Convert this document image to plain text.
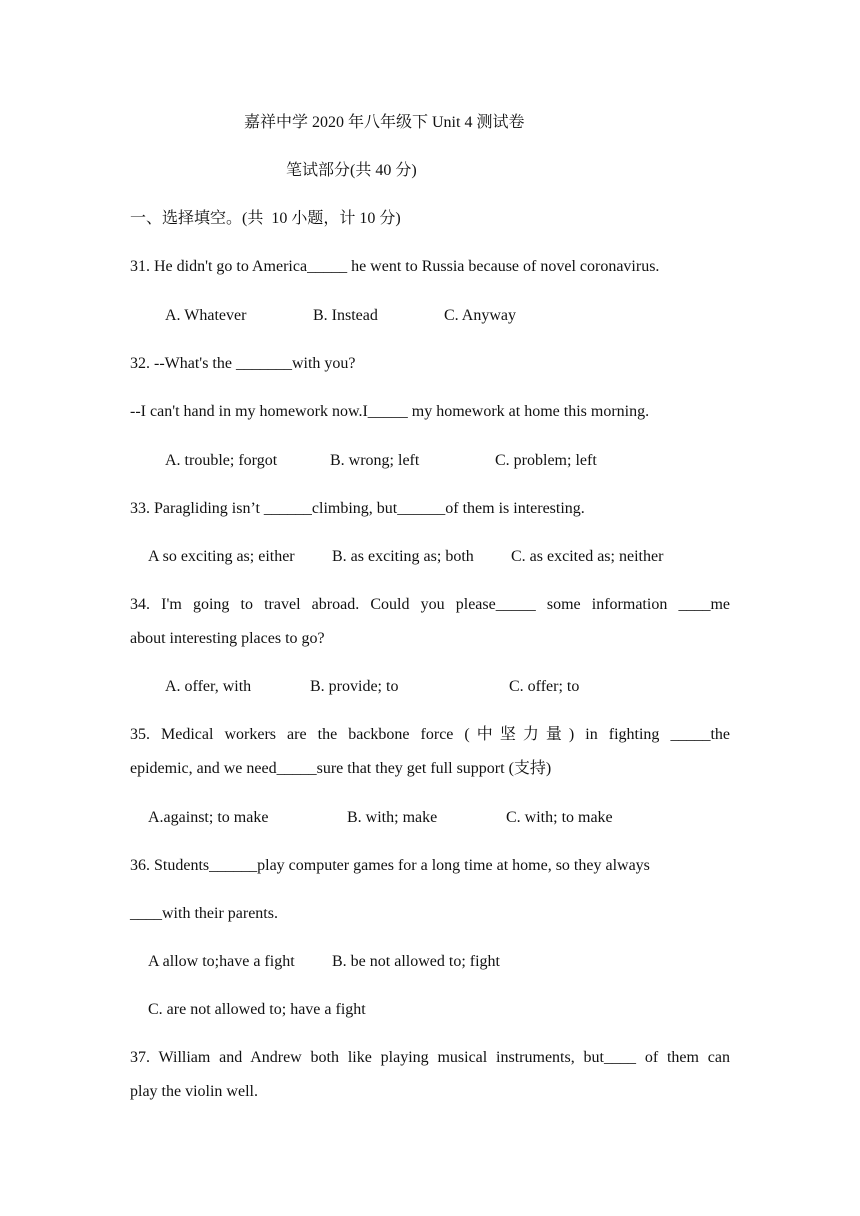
嘉祥中学 2020 年八年级下 Unit 4 测试卷
笔试部分(共 40 分)
一、选择填空。(共  10 小题，计 10 分)
31. He didn't go to America_____ he went to Russia because of novel coronavirus.
A. Whatever	B. Instead	C. Anyway
32. --What's the _______with you?
--I can't hand in my homework now.I_____ my homework at home this morning.
A. trouble; forgot	B. wrong; left	C. problem; left
33. Paragliding isn’t ______climbing, but______of them is interesting.
A so exciting as; either B. as exciting as; both C. as excited as; neither
34. I'm going to travel abroad. Could you please_____ some information ____me
about interesting places to go?
A. offer, with	B. provide; to	C. offer; to
35. Medical workers are the backbone force (中坚力量) in fighting _____the
epidemic, and we need_____sure that they get full support (支持)
A.against; to make	B. with; make	C. with; to make
36. Students______play computer games for a long time at home, so they always
____with their parents.
A allow to;have a fight B. be not allowed to; fight
C. are not allowed to; have a fight
37. William and Andrew both like playing musical instruments, but____ of them can
play the violin well.
